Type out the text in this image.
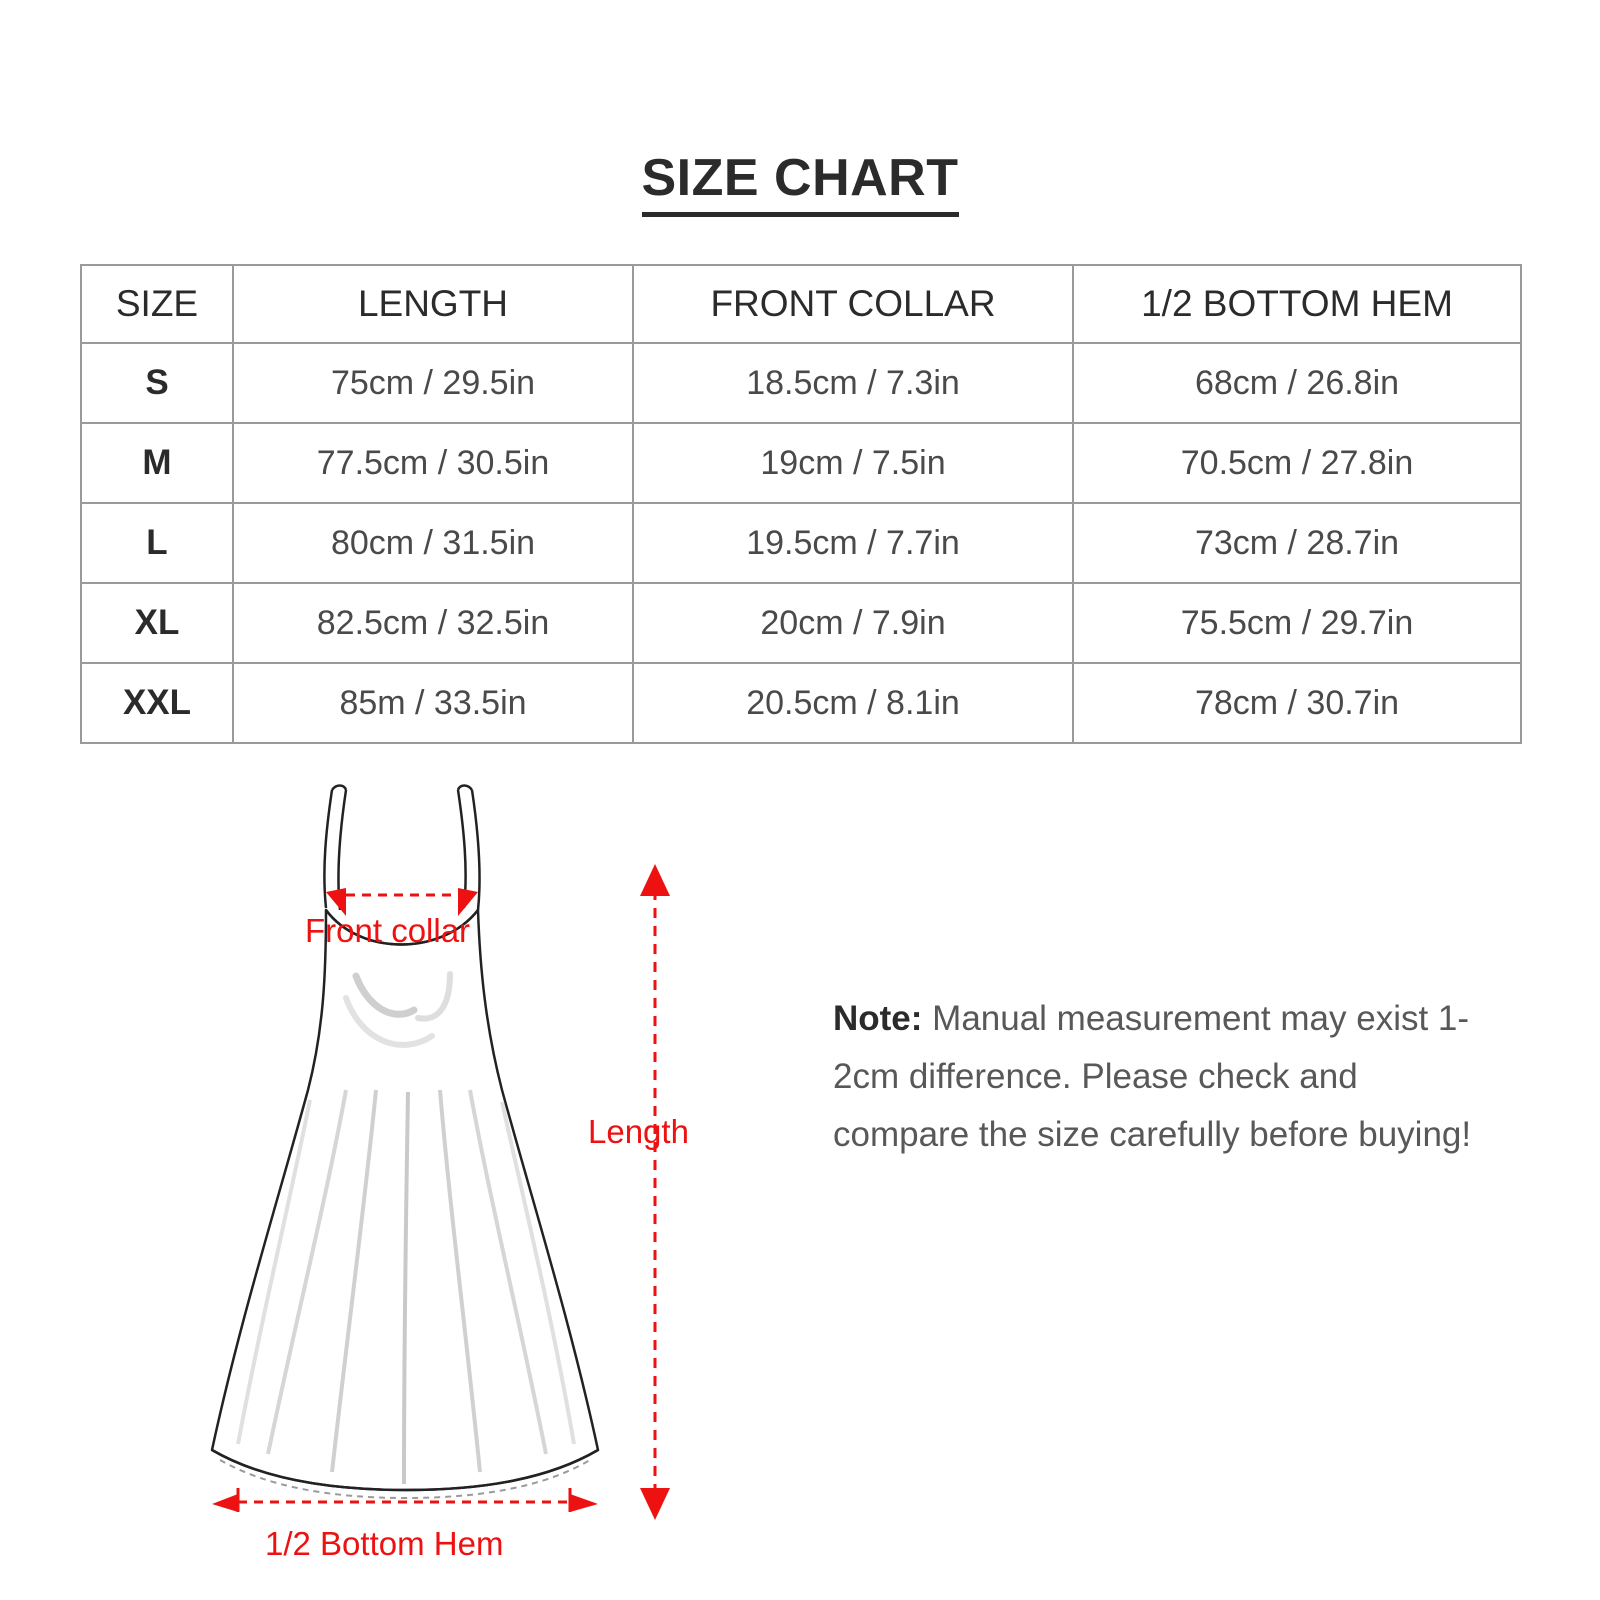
SIZE CHART
SIZE	LENGTH	FRONT COLLAR	1/2 BOTTOM HEM
S	75cm / 29.5in	18.5cm / 7.3in	68cm / 26.8in
M	77.5cm / 30.5in	19cm / 7.5in	70.5cm / 27.8in
L	80cm / 31.5in	19.5cm / 7.7in	73cm / 28.7in
XL	82.5cm / 32.5in	20cm / 7.9in	75.5cm / 29.7in
XXL	85m / 33.5in	20.5cm / 8.1in	78cm / 30.7in
Front collar
Length
1/2 Bottom Hem
Note: Manual measurement may exist 1-2cm difference. Please check and compare the size carefully before buying!
